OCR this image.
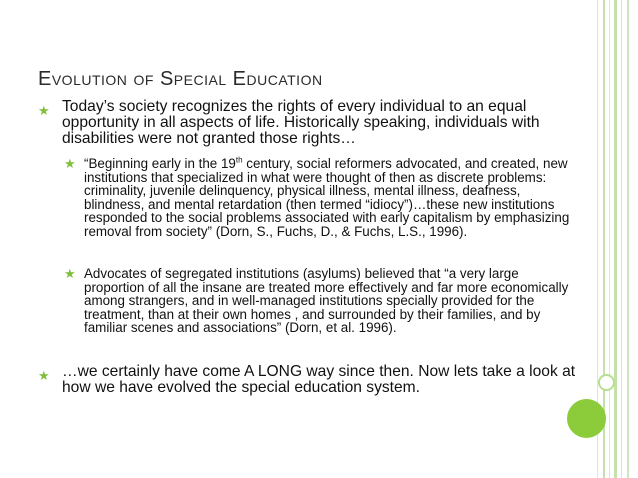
Evolution of Special Education
★ Today’s society recognizes the rights of every individual to an equal opportunity in all aspects of life. Historically speaking, individuals with disabilities were not granted those rights…
★ “Beginning early in the 19th century, social reformers advocated, and created, new institutions that specialized in what were thought of then as discrete problems: criminality, juvenile delinquency, physical illness, mental illness, deafness, blindness, and mental retardation (then termed “idiocy”)…these new institutions responded to the social problems associated with early capitalism by emphasizing removal from society” (Dorn, S., Fuchs, D., & Fuchs, L.S., 1996).
★ Advocates of segregated institutions (asylums) believed that “a very large proportion of all the insane are treated more effectively and far more economically among strangers, and in well-managed institutions specially provided for the treatment, than at their own homes , and surrounded by their families, and by familiar scenes and associations” (Dorn, et al. 1996).
★ …we certainly have come A LONG way since then. Now lets take a look at how we have evolved the special education system.
